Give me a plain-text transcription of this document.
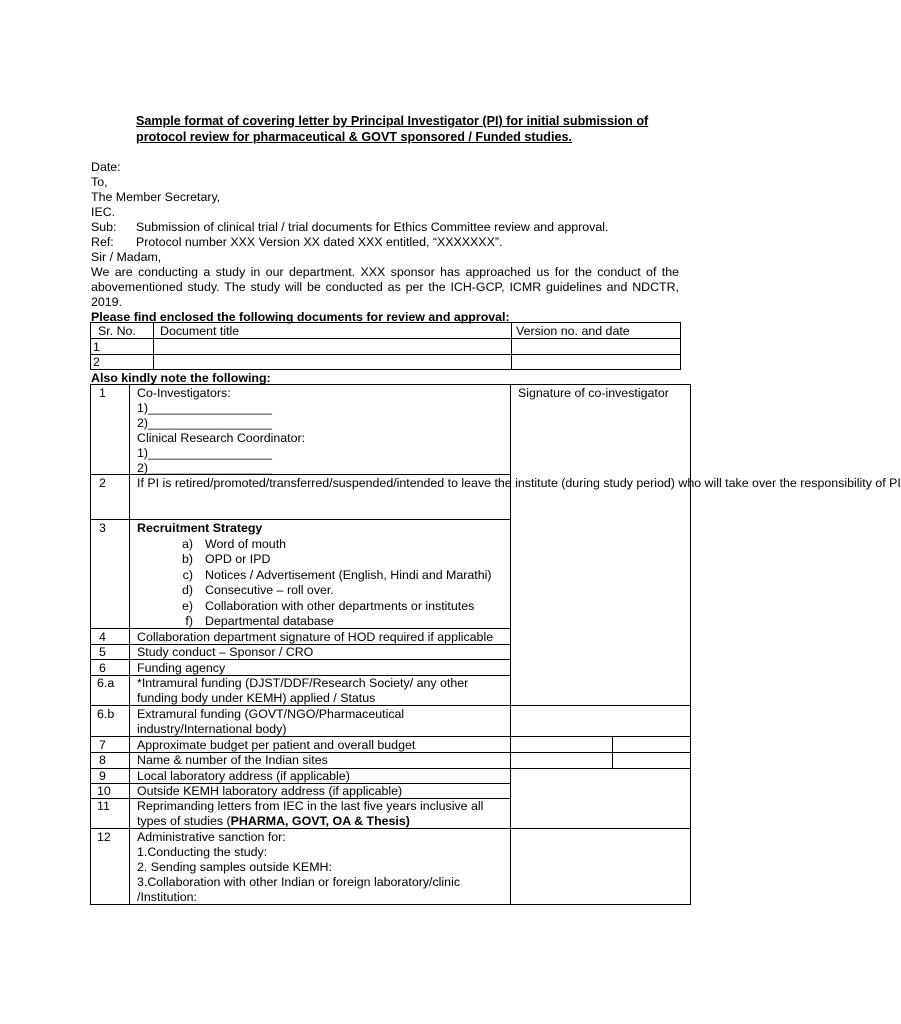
Sample format of covering letter by Principal Investigator (PI) for initial submission of
protocol review for pharmaceutical & GOVT sponsored / Funded studies.
Date:
To,
The Member Secretary,
IEC.
Sub: Submission of clinical trial / trial documents for Ethics Committee review and approval.
Ref: Protocol number XXX Version XX dated XXX entitled, “XXXXXXX”.
Sir / Madam,
We are conducting a study in our department. XXX sponsor has approached us for the conduct of the abovementioned study. The study will be conducted as per the ICH-GCP, ICMR guidelines and NDCTR, 2019.
Please find enclosed the following documents for review and approval:
Sr. No. Document title	Version no. and date
1
2
Also kindly note the following:
Signature of co-investigator
1	Co-Investigators:
1)__________________
2)__________________
Clinical Research Coordinator:
1)__________________
2)__________________
2	If PI is retired/promoted/transferred/suspended/intended to leave the institute (during study period) who will take over the responsibility of PI
3	Recruitment Strategy
a) Word of mouth
b) OPD or IPD
c) Notices / Advertisement (English, Hindi and Marathi)
d) Consecutive – roll over.
e) Collaboration with other departments or institutes
f) Departmental database
4	Collaboration department signature of HOD required if applicable
5	Study conduct – Sponsor / CRO
6	Funding agency
6.a *Intramural funding (DJST/DDF/Research Society/ any other
funding body under KEMH) applied / Status
6.b Extramural funding (GOVT/NGO/Pharmaceutical
industry/International body)
7	Approximate budget per patient and overall budget
8	Name & number of the Indian sites
9	Local laboratory address (if applicable)
10 Outside KEMH laboratory address (if applicable)
11 Reprimanding letters from IEC in the last five years inclusive all
types of studies (PHARMA, GOVT, OA & Thesis)
12 Administrative sanction for:
1.Conducting the study:
2. Sending samples outside KEMH:
3.Collaboration with other Indian or foreign laboratory/clinic
/Institution:
